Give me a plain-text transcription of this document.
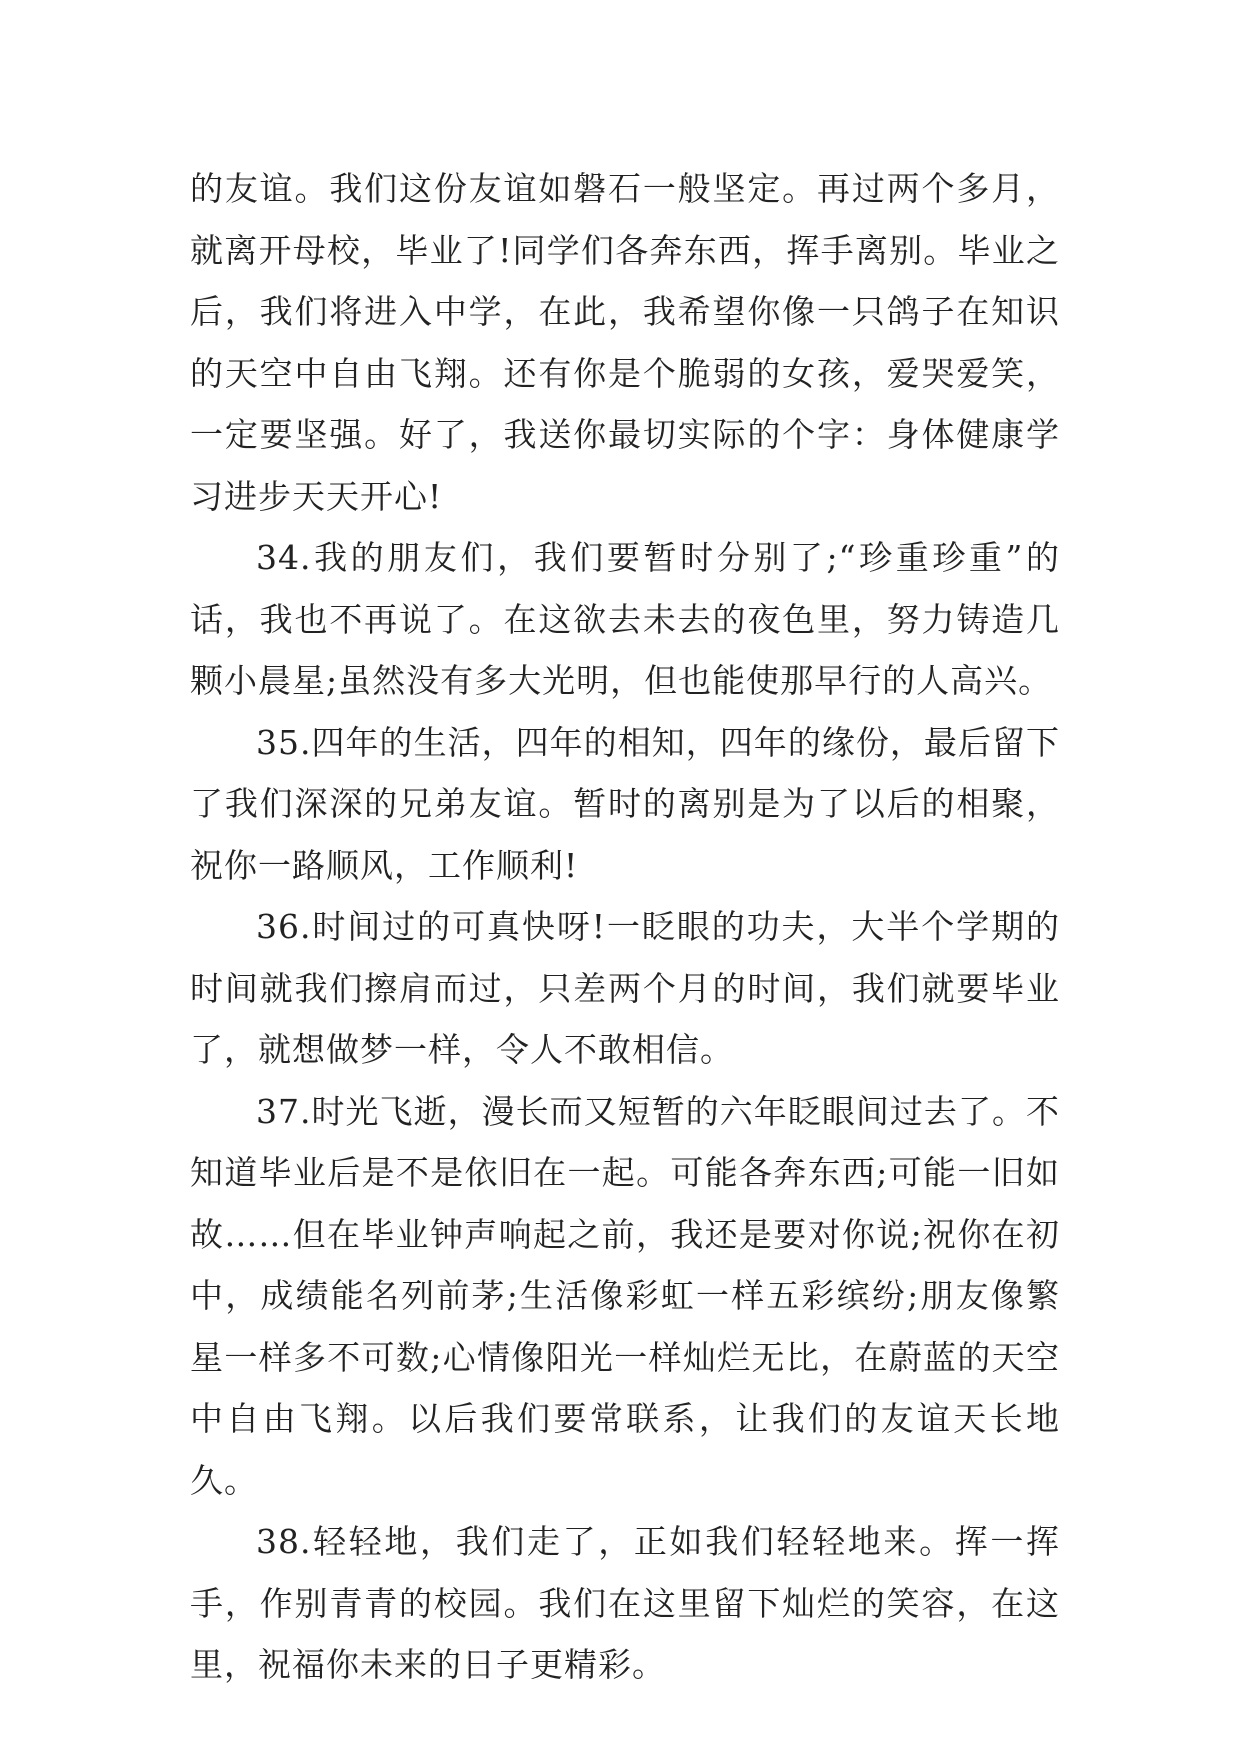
的友谊。我们这份友谊如磐石一般坚定。再过两个多月，就离开母校，毕业了!同学们各奔东西，挥手离别。毕业之后，我们将进入中学，在此，我希望你像一只鸽子在知识的天空中自由飞翔。还有你是个脆弱的女孩，爱哭爱笑，一定要坚强。好了，我送你最切实际的个字：身体健康学习进步天天开心!

34.我的朋友们，我们要暂时分别了;“珍重珍重”的话，我也不再说了。在这欲去未去的夜色里，努力铸造几颗小晨星;虽然没有多大光明，但也能使那早行的人高兴。

35.四年的生活，四年的相知，四年的缘份，最后留下了我们深深的兄弟友谊。暂时的离别是为了以后的相聚，祝你一路顺风，工作顺利!

36.时间过的可真快呀!一眨眼的功夫，大半个学期的时间就我们擦肩而过，只差两个月的时间，我们就要毕业了，就想做梦一样，令人不敢相信。

37.时光飞逝，漫长而又短暂的六年眨眼间过去了。不知道毕业后是不是依旧在一起。可能各奔东西;可能一旧如故……但在毕业钟声响起之前，我还是要对你说;祝你在初中，成绩能名列前茅;生活像彩虹一样五彩缤纷;朋友像繁星一样多不可数;心情像阳光一样灿烂无比，在蔚蓝的天空中自由飞翔。以后我们要常联系，让我们的友谊天长地久。

38.轻轻地，我们走了，正如我们轻轻地来。挥一挥手，作别青青的校园。我们在这里留下灿烂的笑容，在这里，祝福你未来的日子更精彩。
